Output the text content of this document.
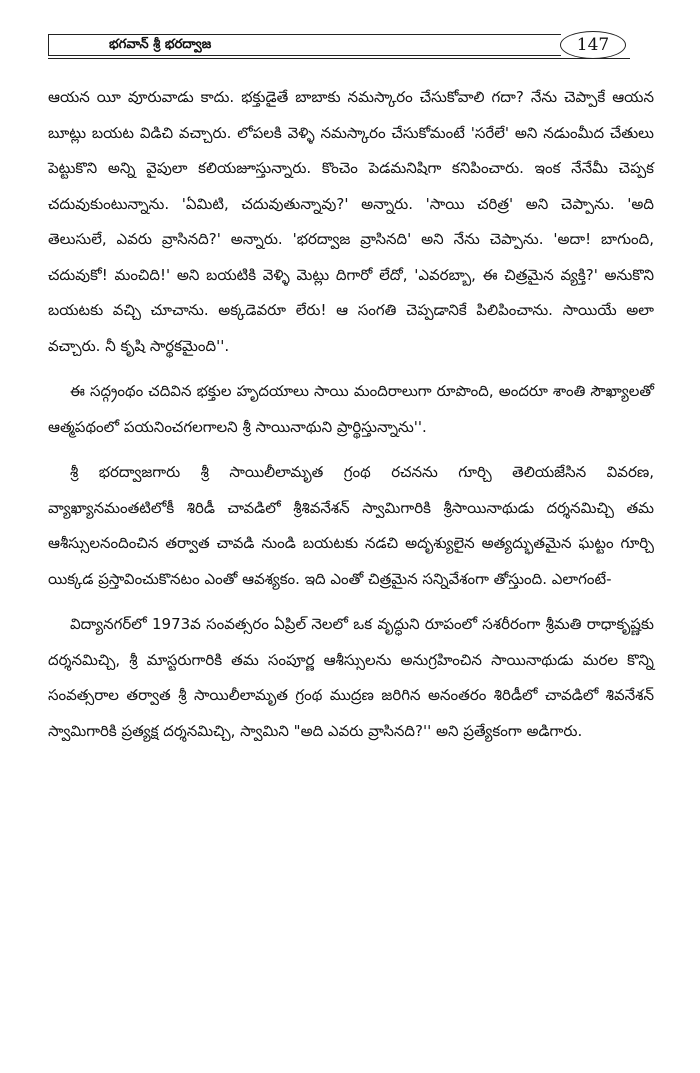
భగవాన్ శ్రీ భరద్వాజ	147

ఆయన యీ వూరువాడు కాదు. భక్తుడైతే బాబాకు నమస్కారం చేసుకోవాలి గదా? నేను చెప్పాకే ఆయన బూట్లు బయట విడిచి వచ్చారు. లోపలకి వెళ్ళి నమస్కారం చేసుకోమంటే 'సరేలే' అని నడుంమీద చేతులు పెట్టుకొని అన్ని వైపులా కలియజూస్తున్నారు. కొంచెం పెడమనిషిగా కనిపించారు. ఇంక నేనేమీ చెప్పక చదువుకుంటున్నాను. 'ఏమిటి, చదువుతున్నావు?' అన్నారు. 'సాయి చరిత్ర' అని చెప్పాను. 'అది తెలుసులే, ఎవరు వ్రాసినది?' అన్నారు. 'భరద్వాజ వ్రాసినది' అని నేను చెప్పాను. 'అదా! బాగుంది, చదువుకో! మంచిది!' అని బయటికి వెళ్ళి మెట్లు దిగారో లేదో, 'ఎవరబ్బా, ఈ చిత్రమైన వ్యక్తి?' అనుకొని బయటకు వచ్చి చూచాను. అక్కడెవరూ లేరు! ఆ సంగతి చెప్పడానికే పిలిపించాను. సాయియే అలా వచ్చారు. నీ కృషి సార్థకమైంది''.

ఈ సద్గ్రంథం చదివిన భక్తుల హృదయాలు సాయి మందిరాలుగా రూపొంది, అందరూ శాంతి సౌఖ్యాలతో ఆత్మపథంలో పయనించగలగాలని శ్రీ సాయినాథుని ప్రార్థిస్తున్నాను''.

శ్రీ భరద్వాజగారు శ్రీ సాయిలీలామృత గ్రంథ రచనను గూర్చి తెలియజేసిన వివరణ, వ్యాఖ్యానమంతటిలోకీ శిరిడీ చావడిలో శ్రీశివనేశన్ స్వామిగారికి శ్రీసాయినాథుడు దర్శనమిచ్చి తమ ఆశీస్సులనందించిన తర్వాత చావడి నుండి బయటకు నడచి అదృశ్యులైన అత్యద్భుతమైన ఘట్టం గూర్చి యిక్కడ ప్రస్తావించుకొనటం ఎంతో ఆవశ్యకం. ఇది ఎంతో చిత్రమైన సన్నివేశంగా తోస్తుంది. ఎలాగంటే-

విద్యానగర్‌లో 1973వ సంవత్సరం ఏప్రిల్ నెలలో ఒక వృద్ధుని రూపంలో సశరీరంగా శ్రీమతి రాధాకృష్ణకు దర్శనమిచ్చి, శ్రీ మాస్టరుగారికి తమ సంపూర్ణ ఆశీస్సులను అనుగ్రహించిన సాయినాథుడు మరల కొన్ని సంవత్సరాల తర్వాత శ్రీ సాయిలీలామృత గ్రంథ ముద్రణ జరిగిన అనంతరం శిరిడీలో చావడిలో శివనేశన్ స్వామిగారికి ప్రత్యక్ష దర్శనమిచ్చి, స్వామిని "అది ఎవరు వ్రాసినది?'' అని ప్రత్యేకంగా అడిగారు.
